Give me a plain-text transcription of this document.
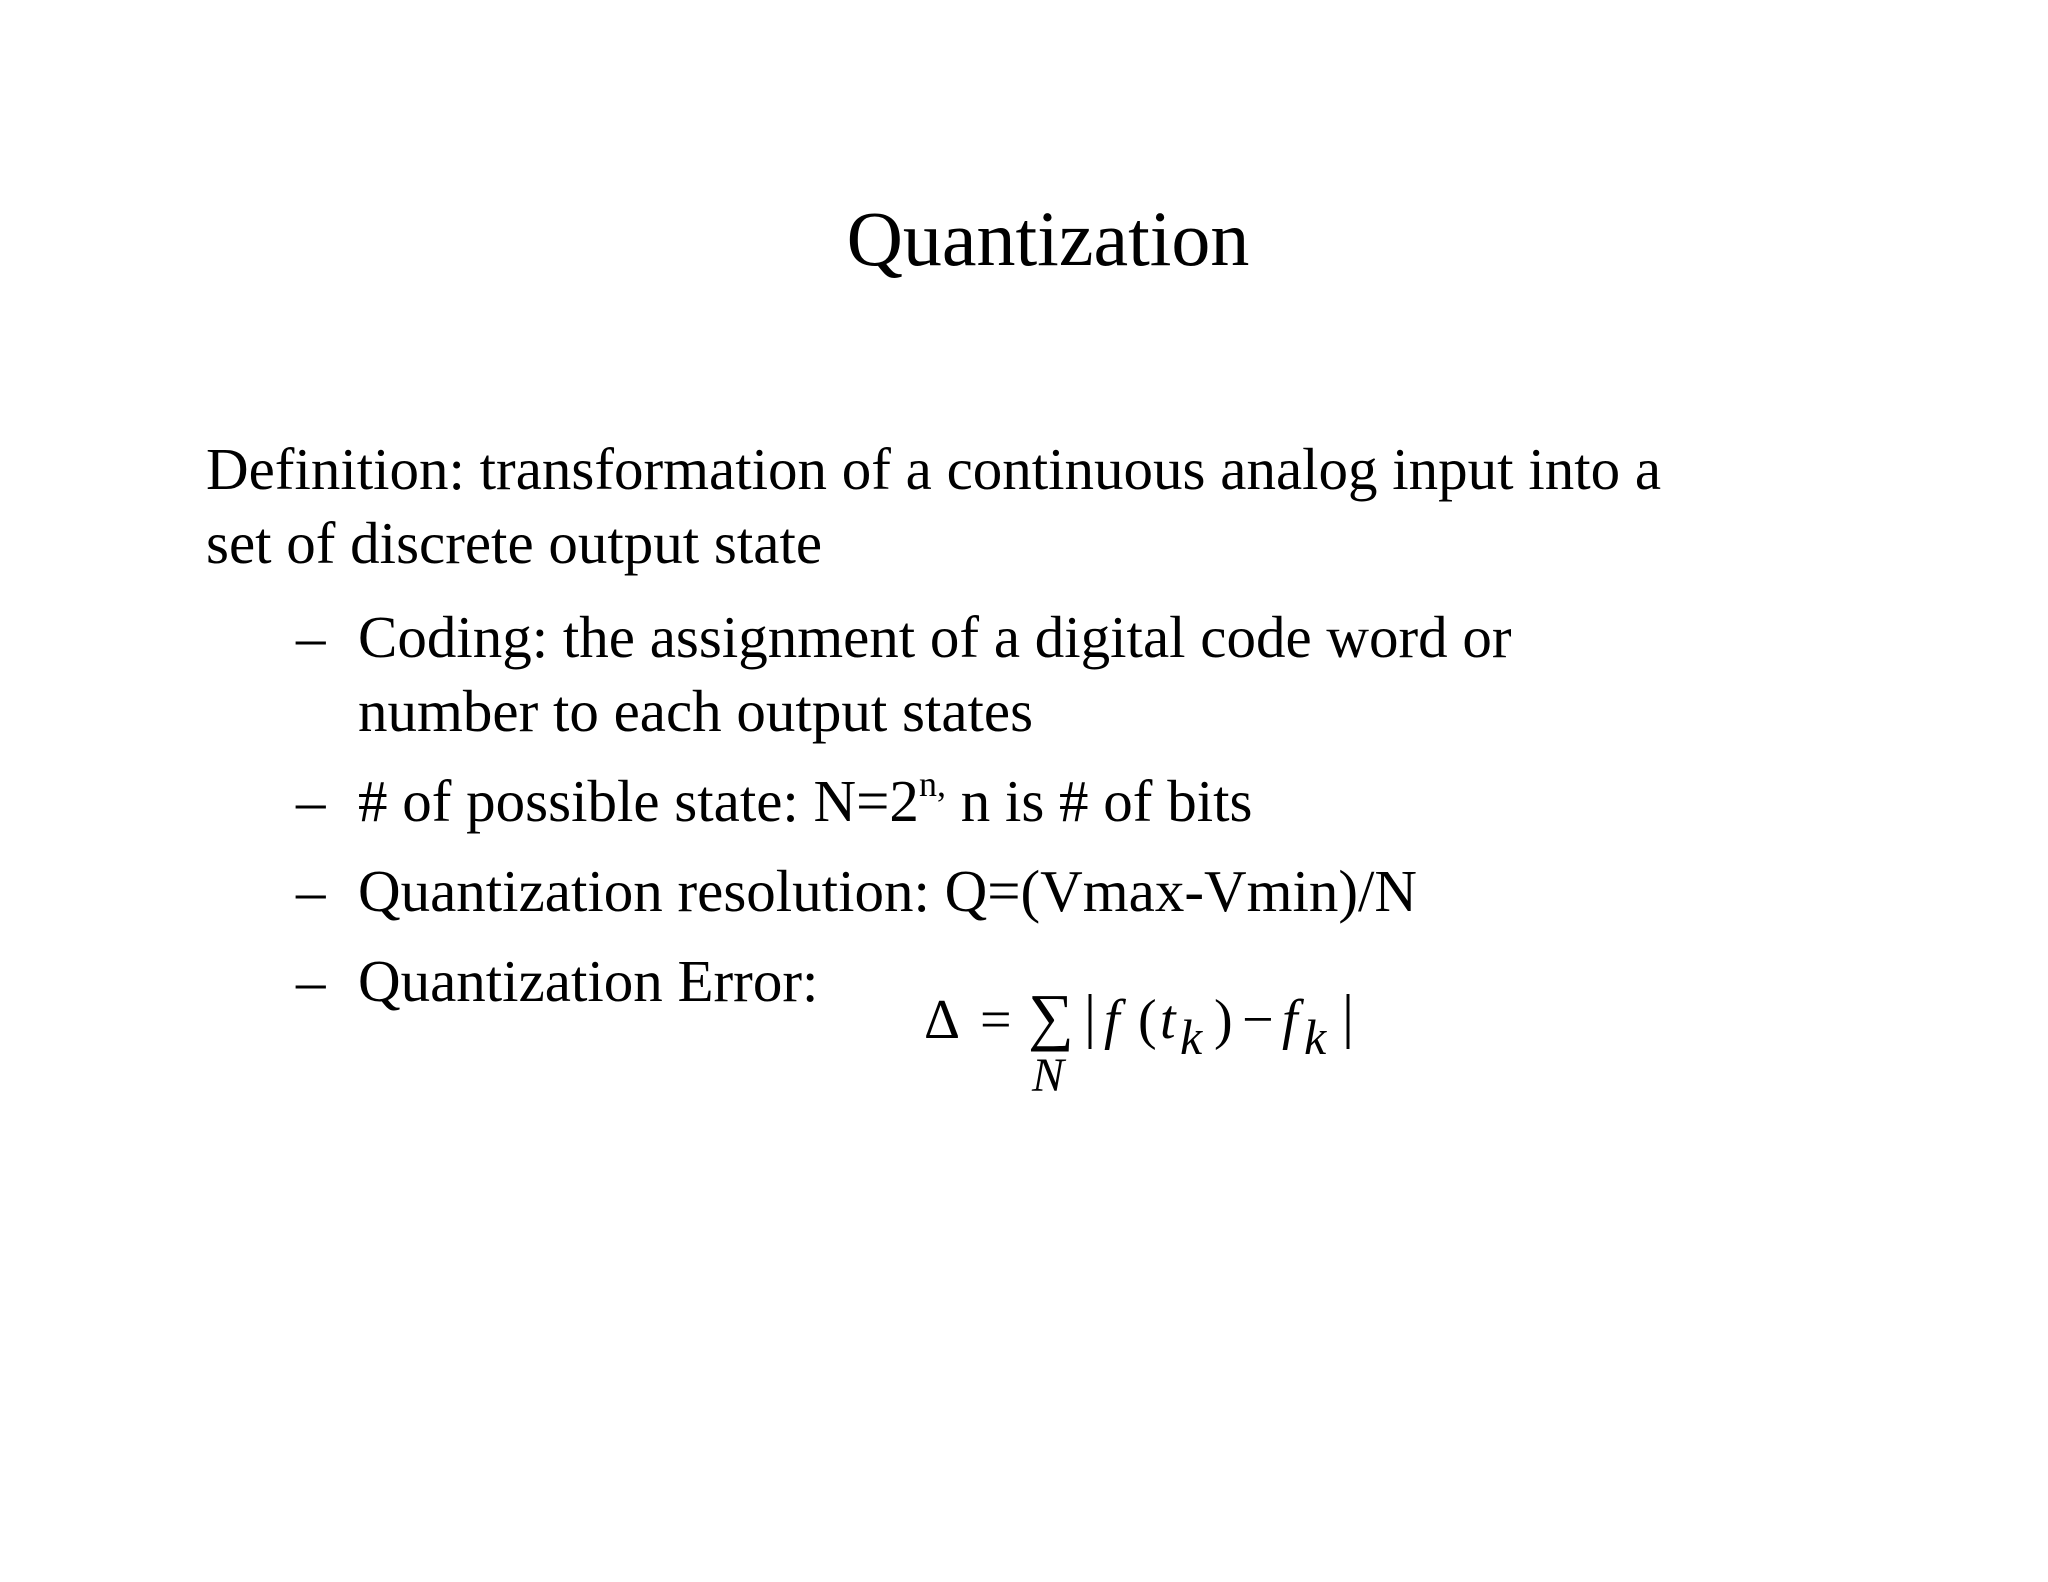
Quantization
Definition: transformation of a continuous analog input into a
set of discrete output state
– Coding: the assignment of a digital code word or
number to each output states
– # of possible state: $N=2^{n,}$ n is # of bits
– Quantization resolution: Q=(Vmax-Vmin)/N
– Quantization Error:
Δ = ∑ | f ( t k ) − f k |
N
